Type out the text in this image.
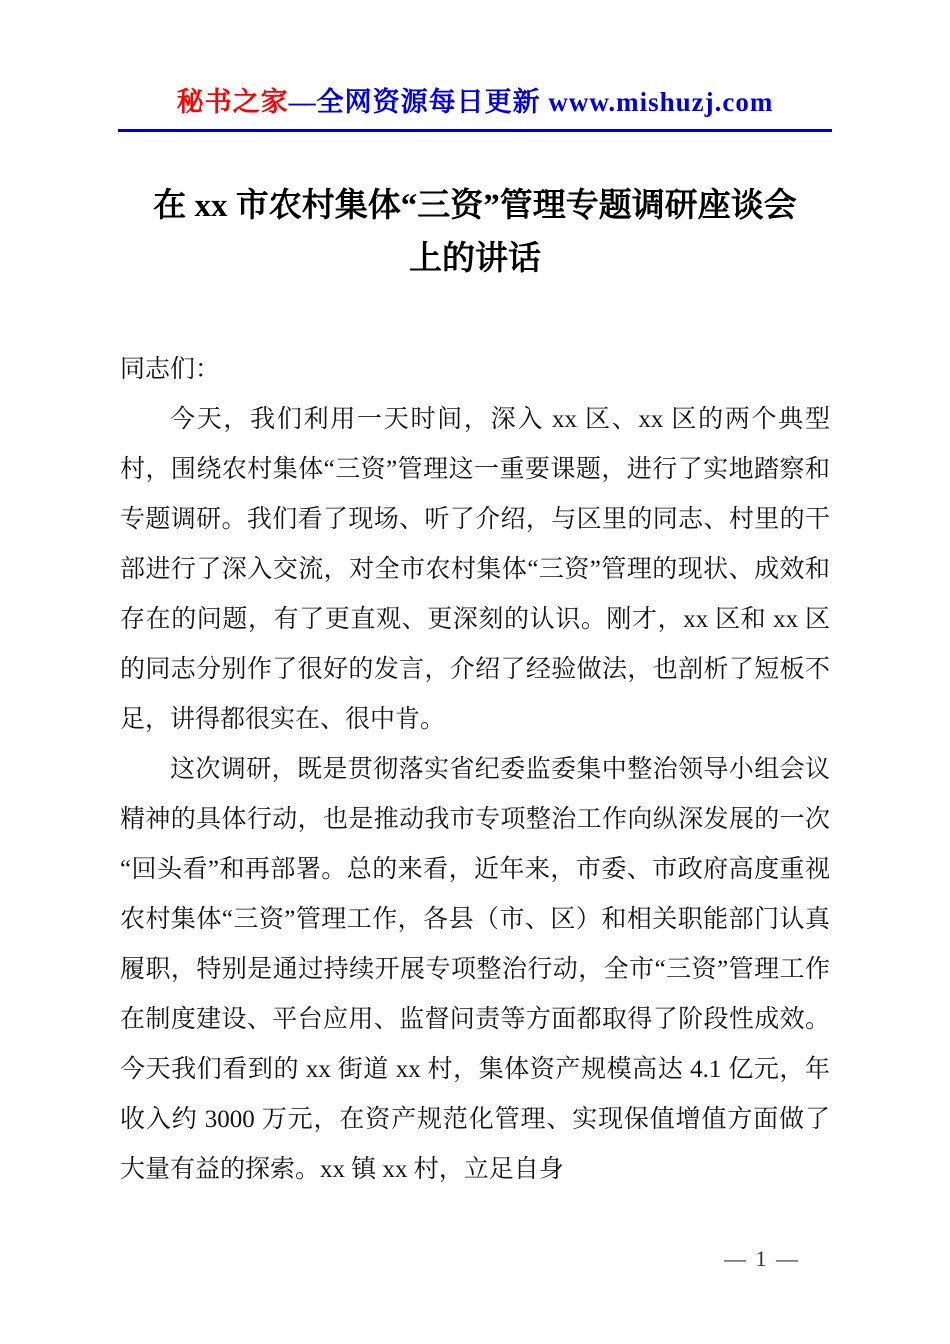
秘书之家—全网资源每日更新 www.mishuzj.com
在 xx 市农村集体“三资”管理专题调研座谈会上的讲话

同志们：

今天，我们利用一天时间，深入 xx 区、xx 区的两个典型村，围绕农村集体“三资”管理这一重要课题，进行了实地踏察和专题调研。我们看了现场、听了介绍，与区里的同志、村里的干部进行了深入交流，对全市农村集体“三资”管理的现状、成效和存在的问题，有了更直观、更深刻的认识。刚才，xx 区和 xx 区的同志分别作了很好的发言，介绍了经验做法，也剖析了短板不足，讲得都很实在、很中肯。

这次调研，既是贯彻落实省纪委监委集中整治领导小组会议精神的具体行动，也是推动我市专项整治工作向纵深发展的一次“回头看”和再部署。总的来看，近年来，市委、市政府高度重视农村集体“三资”管理工作，各县（市、区）和相关职能部门认真履职，特别是通过持续开展专项整治行动，全市“三资”管理工作在制度建设、平台应用、监督问责等方面都取得了阶段性成效。今天我们看到的 xx 街道 xx 村，集体资产规模高达 4.1 亿元，年收入约 3000 万元，在资产规范化管理、实现保值增值方面做了大量有益的探索。xx 镇 xx 村，立足自身

— 1 —
